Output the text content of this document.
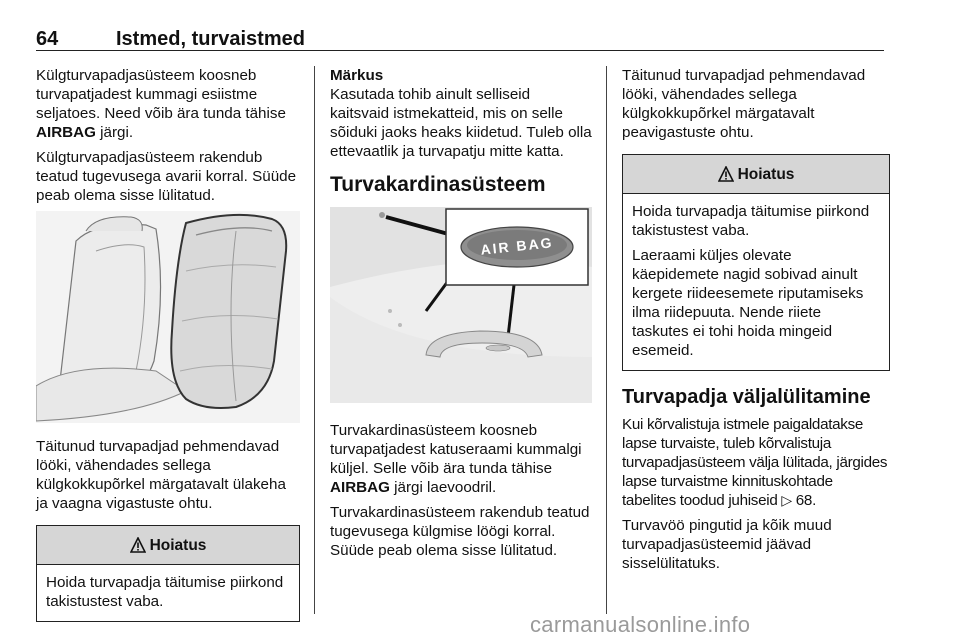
64	Istmed, turvaistmed

Külgturvapadjasüsteem koosneb turvapatjadest kummagi esiistme seljatoes. Need võib ära tunda tähise AIRBAG järgi.

Külgturvapadjasüsteem rakendub teatud tugevusega avarii korral. Süüde peab olema sisse lülitatud.

Täitunud turvapadjad pehmendavad lööki, vähendades sellega külgkokkupõrkel märgatavalt ülakeha ja vaagna vigastuste ohtu.

Hoiatus

Hoida turvapadja täitumise piirkond takistustest vaba.

Märkus

Kasutada tohib ainult selliseid kaitsvaid istmekatteid, mis on selle sõiduki jaoks heaks kiidetud. Tuleb olla ettevaatlik ja turvapatju mitte katta.

Turvakardinasüsteem
AIR BAG

Turvakardinasüsteem koosneb turvapatjadest katuseraami kummalgi küljel. Selle võib ära tunda tähise AIRBAG järgi laevoodril.

Turvakardinasüsteem rakendub teatud tugevusega külgmise löögi korral. Süüde peab olema sisse lülitatud.

Täitunud turvapadjad pehmendavad lööki, vähendades sellega külgkokkupõrkel märgatavalt peavigastuste ohtu.

Hoiatus

Hoida turvapadja täitumise piirkond takistustest vaba.

Laeraami küljes olevate käepidemete nagid sobivad ainult kergete riideesemete riputamiseks ilma riidepuuta. Nende riiete taskutes ei tohi hoida mingeid esemeid.

Turvapadja väljalülitamine

Kui kõrvalistuja istmele paigaldatakse lapse turvaiste, tuleb kõrvalistuja turvapadjasüsteem välja lülitada, järgides lapse turvaistme kinnituskohtade tabelites toodud juhiseid ▷ 68.

Turvavöö pingutid ja kõik muud turvapadjasüsteemid jäävad sisselülitatuks.

carmanualsonline.info
